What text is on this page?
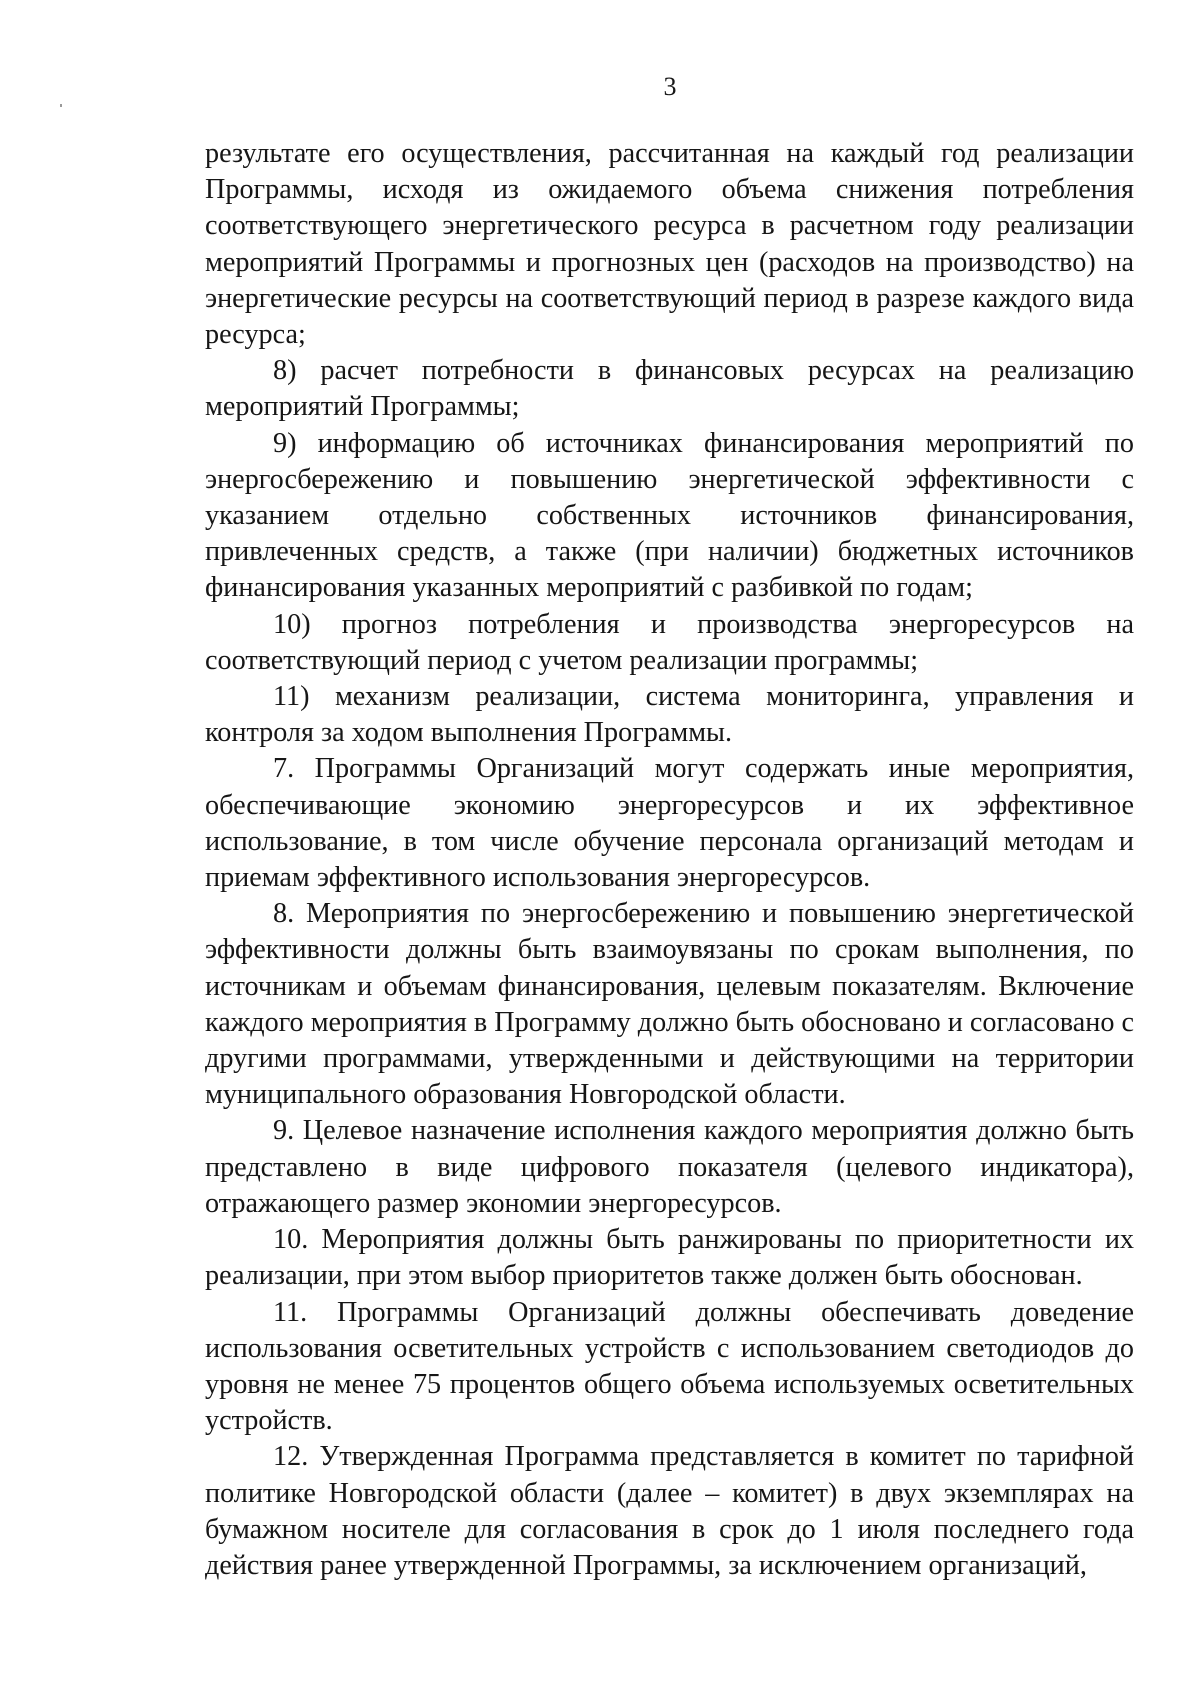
3

результате его осуществления, рассчитанная на каждый год реализации Программы, исходя из ожидаемого объема снижения потребления соответствующего энергетического ресурса в расчетном году реализации мероприятий Программы и прогнозных цен (расходов на производство) на энергетические ресурсы на соответствующий период в разрезе каждого вида ресурса;

8) расчет потребности в финансовых ресурсах на реализацию мероприятий Программы;

9) информацию об источниках финансирования мероприятий по энергосбережению и повышению энергетической эффективности с указанием отдельно собственных источников финансирования, привлеченных средств, а также (при наличии) бюджетных источников финансирования указанных мероприятий с разбивкой по годам;

10) прогноз потребления и производства энергоресурсов на соответствующий период с учетом реализации программы;

11) механизм реализации, система мониторинга, управления и контроля за ходом выполнения Программы.

7. Программы Организаций могут содержать иные мероприятия, обеспечивающие экономию энергоресурсов и их эффективное использование, в том числе обучение персонала организаций методам и приемам эффективного использования энергоресурсов.

8. Мероприятия по энергосбережению и повышению энергетической эффективности должны быть взаимоувязаны по срокам выполнения, по источникам и объемам финансирования, целевым показателям. Включение каждого мероприятия в Программу должно быть обосновано и согласовано с другими программами, утвержденными и действующими на территории муниципального образования Новгородской области.

9. Целевое назначение исполнения каждого мероприятия должно быть представлено в виде цифрового показателя (целевого индикатора), отражающего размер экономии энергоресурсов.

10. Мероприятия должны быть ранжированы по приоритетности их реализации, при этом выбор приоритетов также должен быть обоснован.

11. Программы Организаций должны обеспечивать доведение использования осветительных устройств с использованием светодиодов до уровня не менее 75 процентов общего объема используемых осветительных устройств.

12. Утвержденная Программа представляется в комитет по тарифной политике Новгородской области (далее – комитет) в двух экземплярах на бумажном носителе для согласования в срок до 1 июля последнего года действия ранее утвержденной Программы, за исключением организаций,
